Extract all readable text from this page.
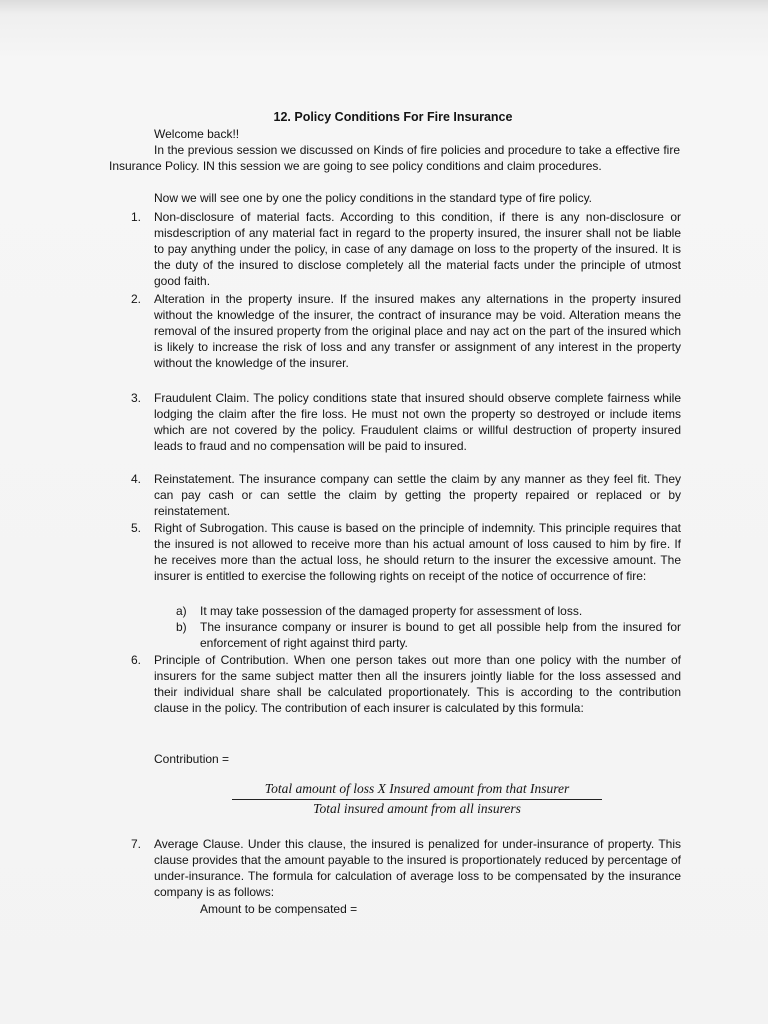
12. Policy Conditions For Fire Insurance
Welcome back!!
In the previous session we discussed on Kinds of fire policies and procedure to take a effective fire Insurance Policy. IN this session we are going to see policy conditions and claim procedures.
Now we will see one by one the policy conditions in the standard type of fire policy.
1.	Non-disclosure of material facts. According to this condition, if there is any non-disclosure or misdescription of any material fact in regard to the property insured, the insurer shall not be liable to pay anything under the policy, in case of any damage on loss to the property of the insured. It is the duty of the insured to disclose completely all the material facts under the principle of utmost good faith.
2.	Alteration in the property insure. If the insured makes any alternations in the property insured without the knowledge of the insurer, the contract of insurance may be void. Alteration means the removal of the insured property from the original place and nay act on the part of the insured which is likely to increase the risk of loss and any transfer or assignment of any interest in the property without the knowledge of the insurer.
3.	Fraudulent Claim. The policy conditions state that insured should observe complete fairness while lodging the claim after the fire loss. He must not own the property so destroyed or include items which are not covered by the policy. Fraudulent claims or willful destruction of property insured leads to fraud and no compensation will be paid to insured.
4.	Reinstatement. The insurance company can settle the claim by any manner as they feel fit. They can pay cash or can settle the claim by getting the property repaired or replaced or by reinstatement.
5.	Right of Subrogation. This cause is based on the principle of indemnity. This principle requires that the insured is not allowed to receive more than his actual amount of loss caused to him by fire. If he receives more than the actual loss, he should return to the insurer the excessive amount. The insurer is entitled to exercise the following rights on receipt of the notice of occurrence of fire:
a)	It may take possession of the damaged property for assessment of loss.
b)	The insurance company or insurer is bound to get all possible help from the insured for enforcement of right against third party.
6.	Principle of Contribution. When one person takes out more than one policy with the number of insurers for the same subject matter then all the insurers jointly liable for the loss assessed and their individual share shall be calculated proportionately. This is according to the contribution clause in the policy. The contribution of each insurer is calculated by this formula:
Contribution =
Total amount of loss X Insured amount from that Insurer
Total insured amount from all insurers
7.	Average Clause. Under this clause, the insured is penalized for under-insurance of property. This clause provides that the amount payable to the insured is proportionately reduced by percentage of under-insurance. The formula for calculation of average loss to be compensated by the insurance company is as follows:
Amount to be compensated =
